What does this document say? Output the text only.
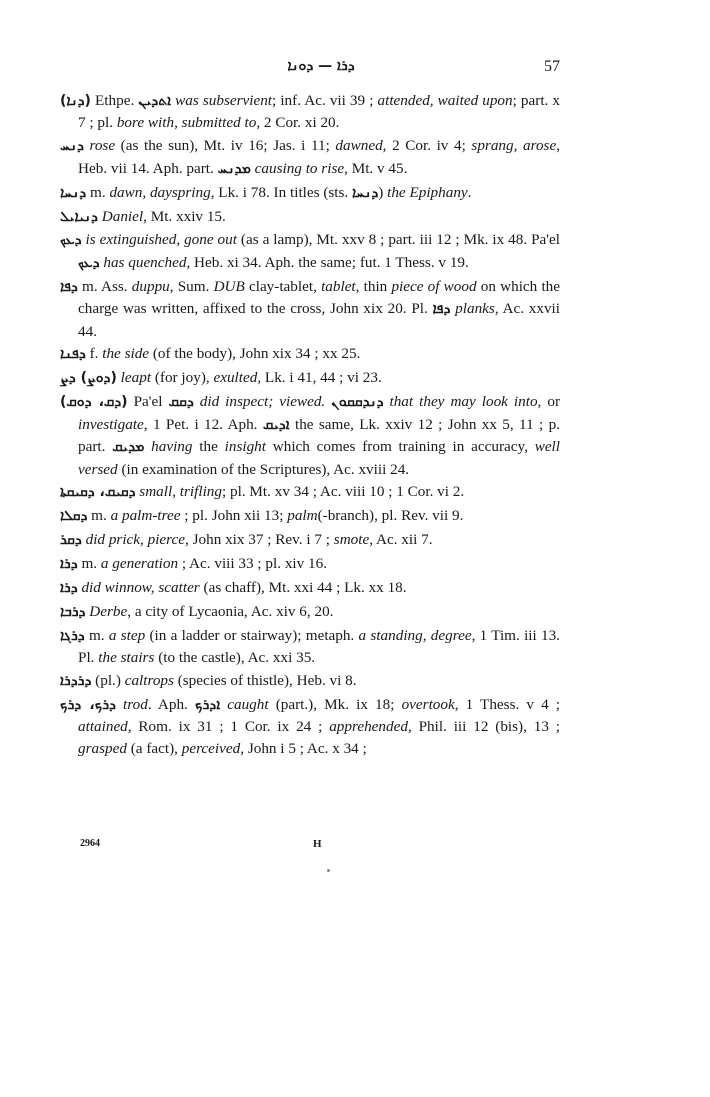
ܕܪܐ — ܕܘܢܐ	57

(ܕܢܐ) Ethpe. ܐܬܕܝܢ was subservient; inf. Ac. vii 39 ; attended, waited upon; part. x 7 ; pl. bore with, submitted to, 2 Cor. xi 20.

ܕܢܚ rose (as the sun), Mt. iv 16; Jas. i 11; dawned, 2 Cor. iv 4; sprang, arose, Heb. vii 14. Aph. part. ܡܕܢܚ causing to rise, Mt. v 45.

ܕܢܚܐ m. dawn, dayspring, Lk. i 78. In titles (sts. ܕܢܚܐ) the Epiphany.

ܕܢܝܐܝܠ Daniel, Mt. xxiv 15.

ܕܥܟ is extinguished, gone out (as a lamp), Mt. xxv 8 ; part. iii 12 ; Mk. ix 48. Pa'el ܕܥܟ has quenched, Heb. xi 34. Aph. the same; fut. 1 Thess. v 19.

ܕܦܐ m. Ass. duppu, Sum. DUB clay-tablet, tablet, thin piece of wood on which the charge was written, affixed to the cross, John xix 20. Pl. ܕܦܐ planks, Ac. xxvii 44.

ܕܦܢܐ f. the side (of the body), John xix 34 ; xx 25.

(ܕܘܨ) ܕܨ leapt (for joy), exulted, Lk. i 41, 44 ; vi 23.

(ܕܩ، ܕܘܩ) Pa'el ܕܩܩ did inspect; viewed. ܕܢܕܩܩܘܢ that they may look into, or investigate, 1 Pet. i 12. Aph. ܐܕܝܩ the same, Lk. xxiv 12 ; John xx 5, 11 ; p. part. ܡܕܝܩ having the insight which comes from training in accuracy, well versed (in examination of the Scriptures), Ac. xviii 24.

ܕܩܝܩ، ܕܩܝܩܬܐ small, trifling; pl. Mt. xv 34 ; Ac. viii 10 ; 1 Cor. vi 2.

ܕܩܠܐ m. a palm-tree ; pl. John xii 13; palm(-branch), pl. Rev. vii 9.

ܕܩܪ did prick, pierce, John xix 37 ; Rev. i 7 ; smote, Ac. xii 7.

ܕܪܐ m. a generation ; Ac. viii 33 ; pl. xiv 16.

ܕܪܐ did winnow, scatter (as chaff), Mt. xxi 44 ; Lk. xx 18.

ܕܪܒܐ Derbe, a city of Lycaonia, Ac. xiv 6, 20.

ܕܪܓܐ m. a step (in a ladder or stairway); metaph. a standing, degree, 1 Tim. iii 13. Pl. the stairs (to the castle), Ac. xxi 35.

ܕܪܕܪܐ (pl.) caltrops (species of thistle), Heb. vi 8.

ܕܪܟ، ܕܪܟ trod. Aph. ܐܕܪܟ caught (part.), Mk. ix 18; overtook, 1 Thess. v 4 ; attained, Rom. ix 31 ; 1 Cor. ix 24 ; apprehended, Phil. iii 12 (bis), 13 ; grasped (a fact), perceived, John i 5 ; Ac. x 34 ;

2964	H
